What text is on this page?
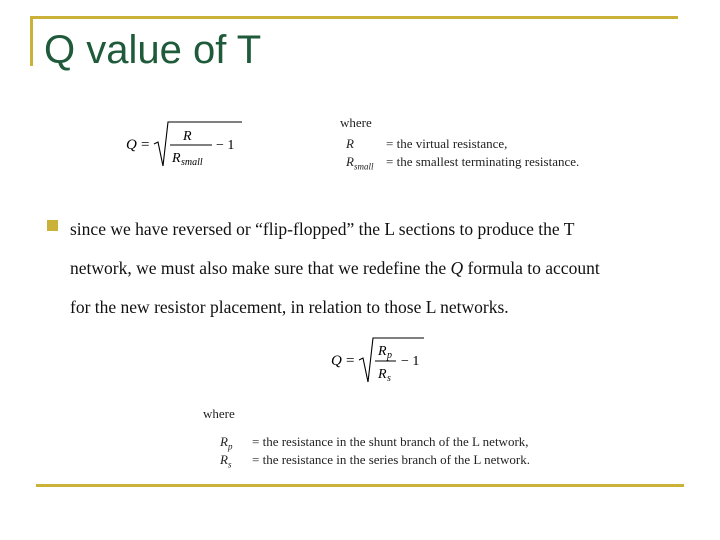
Q value of T
Q =
R
R small
− 1
where
R = the virtual resistance,
$R_{small}$ = the smallest terminating resistance.
since we have reversed or “flip-flopped” the L sections to produce the T
network, we must also make sure that we redefine the Q formula to account
for the new resistor placement, in relation to those L networks.
Q =
R p
R s
− 1
where
$R_p$ = the resistance in the shunt branch of the L network,
$R_s$ = the resistance in the series branch of the L network.
